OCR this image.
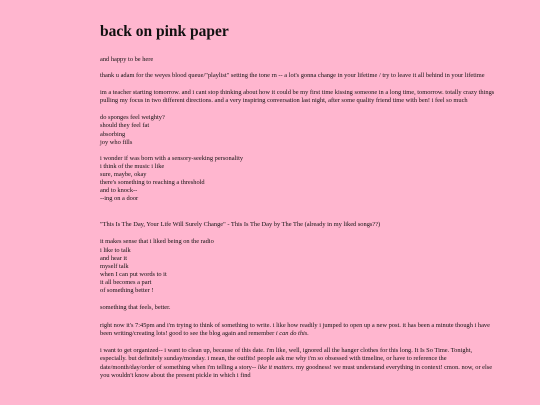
back on pink paper

and happy to be here

thank u adam for the weyes blood queue/"playlist" setting the tone rn -- a lot's gonna change in your lifetime / try to leave it all behind in your lifetime

im a teacher starting tomorrow. and i cant stop thinking about how it could be my first time kissing someone in a long time, tomorrow. totally crazy things pulling my focus in two different directions. and a very inspiring conversation last night, after some quality friend time with ben! i feel so much

do sponges feel weighty?
should they feel fat
absorbing
joy who fills
i wonder if was born with a sensory-seeking personality
i think of the music i like
sure, maybe, okay
there's something to reaching a threshold
and to knock--
--ing on a door

"This Is The Day, Your Life Will Surely Change" - This Is The Day by The The (already in my liked songs??)

it makes sense that i liked being on the radio
i like to talk
and hear it
myself talk
when I can put words to it
it all becomes a part
of something better !

something that feels, better.

right now it's 7:45pm and i'm trying to think of something to write. i like how readily i jumped to open up a new post. it has been a minute though i have been writing/creating lots! good to see the blog again and remember i can do this.

i want to get organized-- i want to clean up, because of this date. i'm like, well, ignored all the hanger clothes for this long. It Is So Time. Tonight, especially. but definitely sunday/monday. i mean, the outfits! people ask me why i'm so obsessed with timeline, or have to reference the date/month/day/order of something when i'm telling a story-- like it matters. my goodness! we must understand everything in context! cmon. now, or else you wouldn't know about the present pickle in which i find
